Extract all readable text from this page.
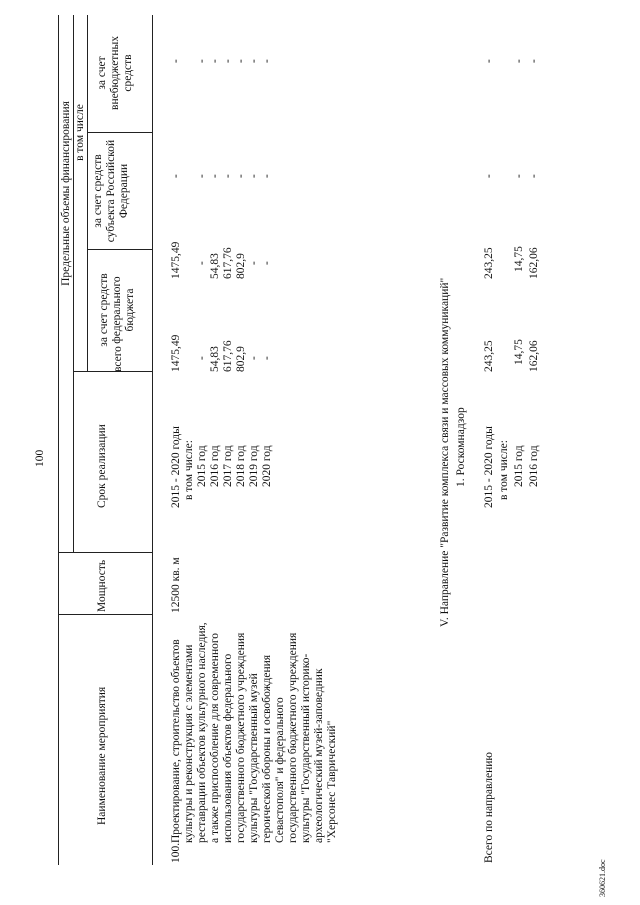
100
Наименование мероприятия
Мощность
Срок реализации
Предельные объемы финансирования в том числе
всего
за счет средств федерального бюджета
за счет средств субъекта Российской Федерации
за счет внебюджетных средств
100.
Проектирование, строительство объектов культуры и реконструкция с элементами реставрации объектов культурного наследия, а также приспособление для современного использования объектов федерального государственного бюджетного учреждения культуры "Государственный музей героической обороны и освобождения Севастополя" и федерального государственного бюджетного учреждения культуры "Государственный историко-археологический музей-заповедник "Херсонес Таврический"
12500 кв. м
2015 - 2020 годы в том числе: 2015 год 2016 год 2017 год 2018 год 2019 год 2020 год
1475,49 - 54,83 617,76 802,9 - -
1475,49 - 54,83 617,76 802,9 - -
- - - - - - -
- - - - - - -
V. Направление "Развитие комплекса связи и массовых коммуникаций" 1. Роскомнадзор
Всего по направлению
2015 - 2020 годы в том числе: 2015 год 2016 год
243,25 14,75 162,06
243,25 14,75 162,06
- - -
- - -
360621.doc
